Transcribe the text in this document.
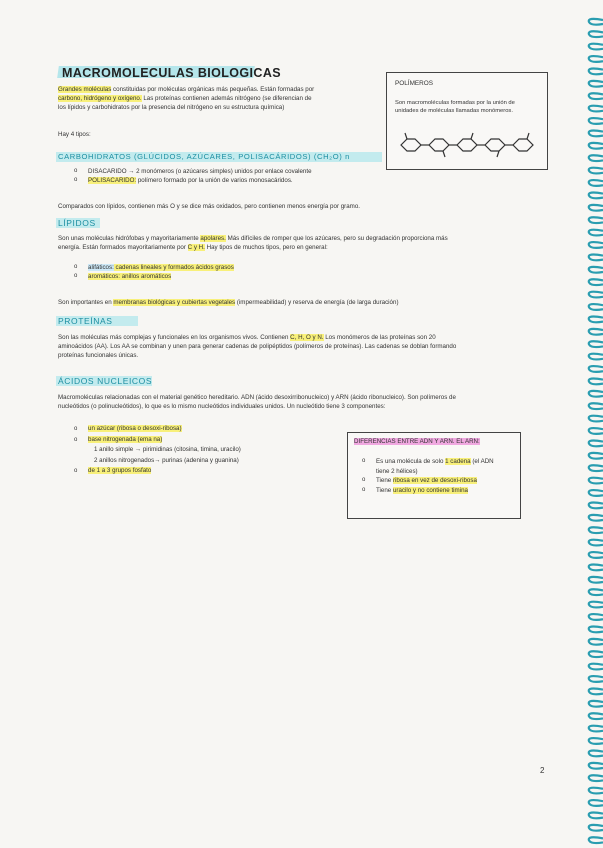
MACROMOLECULAS BIOLOGICAS
Grandes moléculas constituidas por moléculas orgánicas más pequeñas. Están formadas por
carbono, hidrógeno y oxígeno. Las proteínas contienen además nitrógeno (se diferencian de
los lípidos y carbohidratos por la presencia del nitrógeno en su estructura química)
Hay 4 tipos:
POLÍMEROS
Son macromoléculas formadas por la unión de
unidades de moléculas llamadas monómeros.
CARBOHIDRATOS (GLÚCIDOS, AZÚCARES, POLISACÁRIDOS) (CH₂O) n
o DISACARIDO → 2 monómeros (o azúcares simples) unidos por enlace covalente
o POLISACARIDO: polímero formado por la unión de varios monosacáridos.
Comparados con lípidos, contienen más O y se dice más oxidados, pero contienen menos energía por gramo.
LÍPIDOS
Son unas moléculas hidrófobas y mayoritariamente apolares. Más difíciles de romper que los azúcares, pero su degradación proporciona más
energía. Están formados mayoritariamente por C y H. Hay tipos de muchos tipos, pero en general:
o alifáticos: cadenas lineales y formados ácidos grasos
o aromáticos: anillos aromáticos
Son importantes en membranas biológicas y cubiertas vegetales (impermeabilidad) y reserva de energía (de larga duración)
PROTEÍNAS
Son las moléculas más complejas y funcionales en los organismos vivos. Contienen C, H, O y N. Los monómeros de las proteínas son 20
aminoácidos (AA). Los AA se combinan y unen para generar cadenas de polipéptidos (polímeros de proteínas). Las cadenas se doblan formando
proteínas funcionales únicas.
ÁCIDOS NUCLEICOS
Macromoléculas relacionadas con el material genético hereditario. ADN (ácido desoxirribonucleico) y ARN (ácido ribonucleico). Son polímeros de
nucleótidos (o polinucleótidos), lo que es lo mismo nucleótidos individuales unidos. Un nucleótido tiene 3 componentes:
o un azúcar (ribosa o desoxi-ribosa)
o base nitrogenada (ema na)
1 anillo simple → pirimidinas (citosina, timina, uracilo)
2 anillos nitrogenados→ purinas (adenina y guanina)
o de 1 a 3 grupos fosfato
DIFERENCIAS ENTRE ADN Y ARN. EL ARN:
o Es una molécula de solo 1 cadena (el ADN
tiene 2 hélices)
o Tiene ribosa en vez de desoxi-ribosa
o Tiene uracilo y no contiene timina
2
